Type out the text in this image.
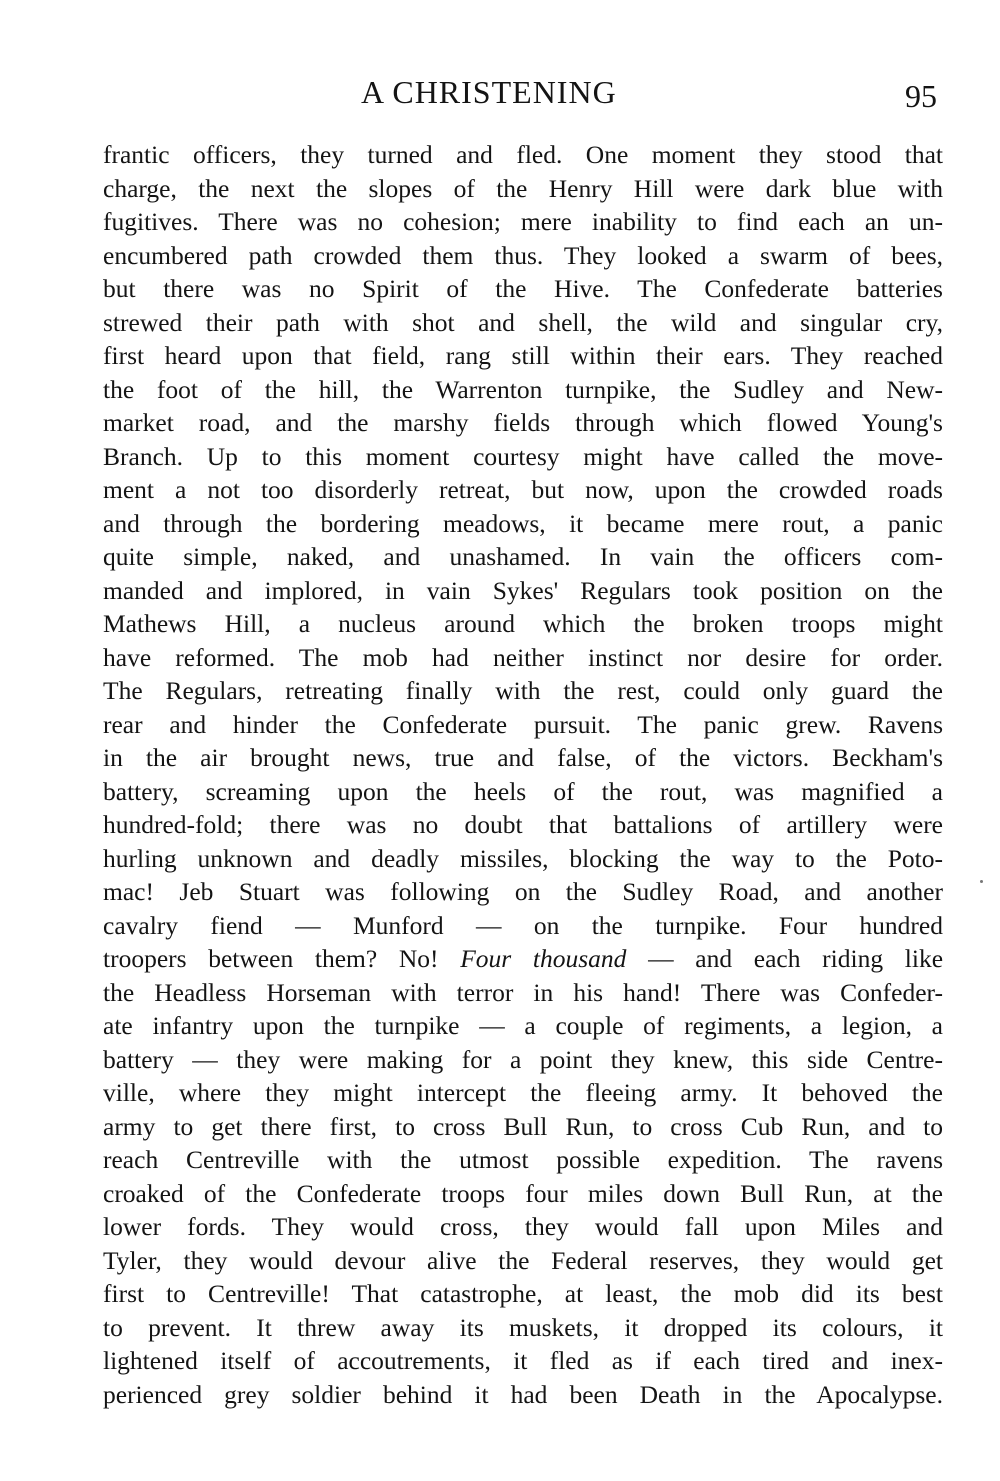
A CHRISTENING	95
frantic officers, they turned and fled. One moment they stood that
charge, the next the slopes of the Henry Hill were dark blue with
fugitives. There was no cohesion; mere inability to find each an un-
encumbered path crowded them thus. They looked a swarm of bees,
but there was no Spirit of the Hive. The Confederate batteries
strewed their path with shot and shell, the wild and singular cry,
first heard upon that field, rang still within their ears. They reached
the foot of the hill, the Warrenton turnpike, the Sudley and New-
market road, and the marshy fields through which flowed Young's
Branch. Up to this moment courtesy might have called the move-
ment a not too disorderly retreat, but now, upon the crowded roads
and through the bordering meadows, it became mere rout, a panic
quite simple, naked, and unashamed. In vain the officers com-
manded and implored, in vain Sykes' Regulars took position on the
Mathews Hill, a nucleus around which the broken troops might
have reformed. The mob had neither instinct nor desire for order.
The Regulars, retreating finally with the rest, could only guard the
rear and hinder the Confederate pursuit. The panic grew. Ravens
in the air brought news, true and false, of the victors. Beckham's
battery, screaming upon the heels of the rout, was magnified a
hundred-fold; there was no doubt that battalions of artillery were
hurling unknown and deadly missiles, blocking the way to the Poto-
mac! Jeb Stuart was following on the Sudley Road, and another
cavalry fiend — Munford — on the turnpike. Four hundred
troopers between them? No! Four thousand — and each riding like
the Headless Horseman with terror in his hand! There was Confeder-
ate infantry upon the turnpike — a couple of regiments, a legion, a
battery — they were making for a point they knew, this side Centre-
ville, where they might intercept the fleeing army. It behoved the
army to get there first, to cross Bull Run, to cross Cub Run, and to
reach Centreville with the utmost possible expedition. The ravens
croaked of the Confederate troops four miles down Bull Run, at the
lower fords. They would cross, they would fall upon Miles and
Tyler, they would devour alive the Federal reserves, they would get
first to Centreville! That catastrophe, at least, the mob did its best
to prevent. It threw away its muskets, it dropped its colours, it
lightened itself of accoutrements, it fled as if each tired and inex-
perienced grey soldier behind it had been Death in the Apocalypse.
